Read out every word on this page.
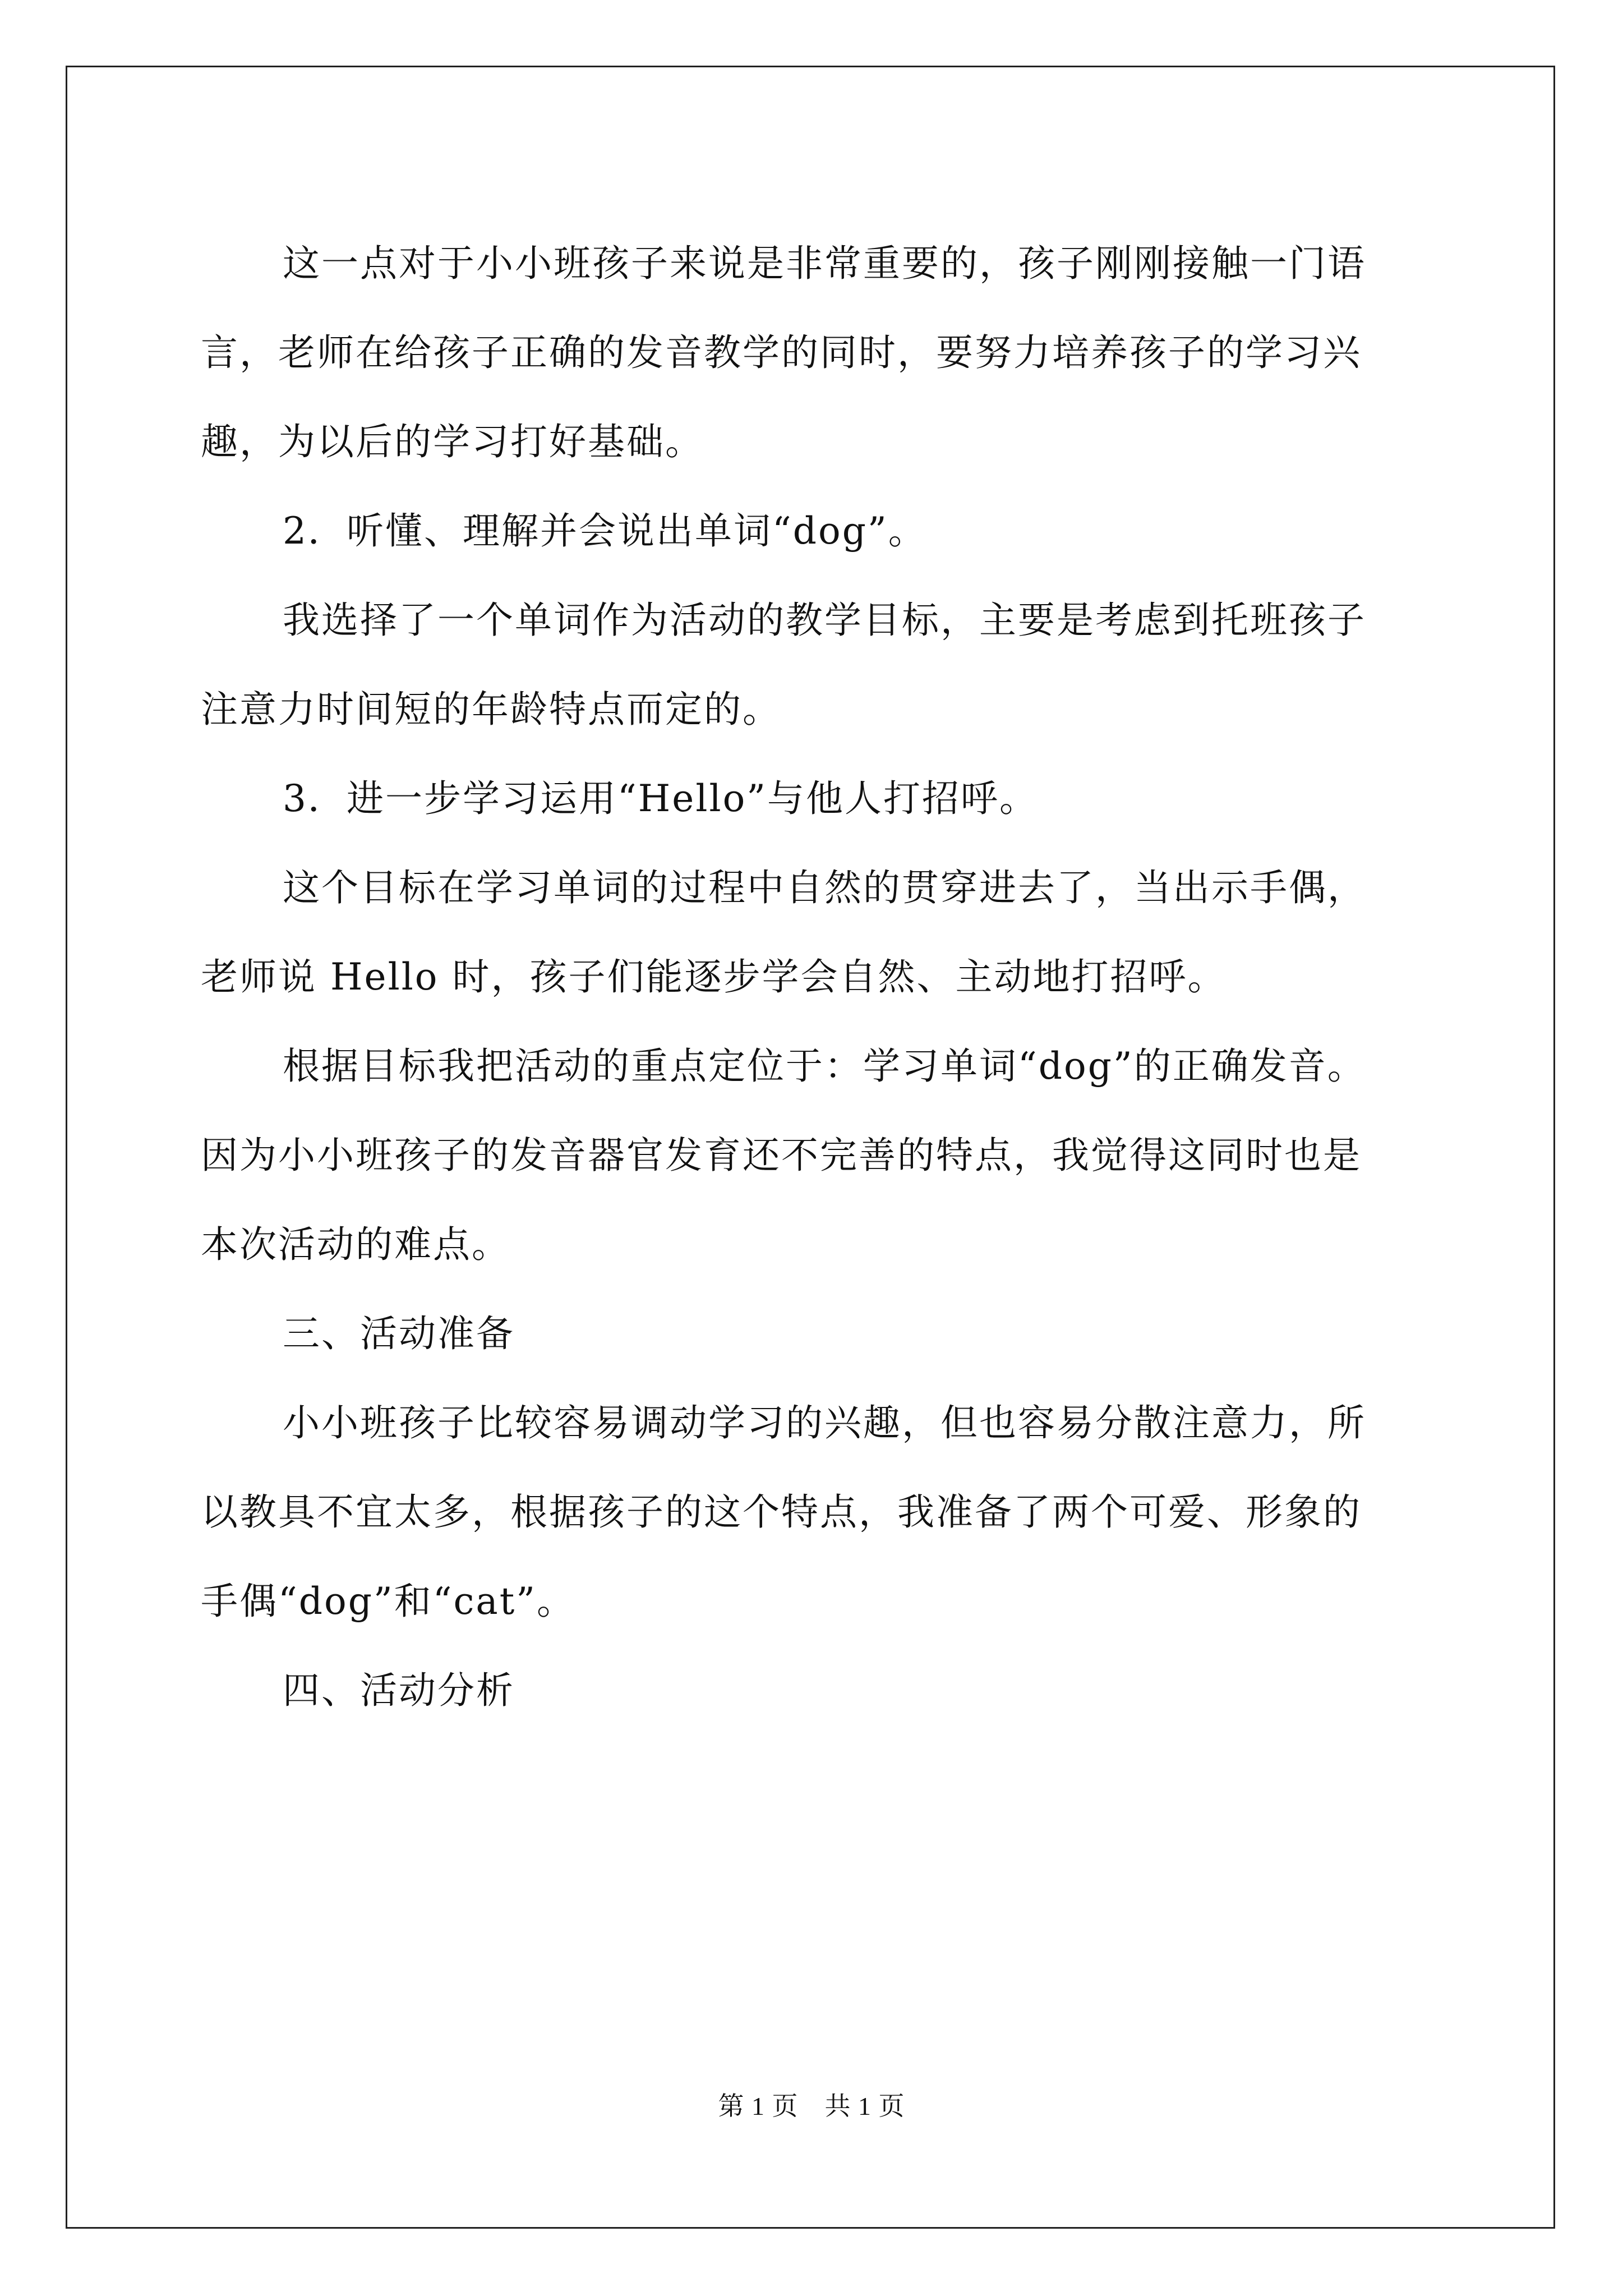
这一点对于小小班孩子来说是非常重要的，孩子刚刚接触一门语
言，老师在给孩子正确的发音教学的同时，要努力培养孩子的学习兴
趣，为以后的学习打好基础。
2．听懂、理解并会说出单词“dog”。
我选择了一个单词作为活动的教学目标，主要是考虑到托班孩子
注意力时间短的年龄特点而定的。
3．进一步学习运用“Hello”与他人打招呼。
这个目标在学习单词的过程中自然的贯穿进去了，当出示手偶，
老师说 Hello 时，孩子们能逐步学会自然、主动地打招呼。
根据目标我把活动的重点定位于：学习单词“dog”的正确发音。
因为小小班孩子的发音器官发育还不完善的特点，我觉得这同时也是
本次活动的难点。
三、活动准备
小小班孩子比较容易调动学习的兴趣，但也容易分散注意力，所
以教具不宜太多，根据孩子的这个特点，我准备了两个可爱、形象的
手偶“dog”和“cat”。
四、活动分析
第 1 页　共 1 页
